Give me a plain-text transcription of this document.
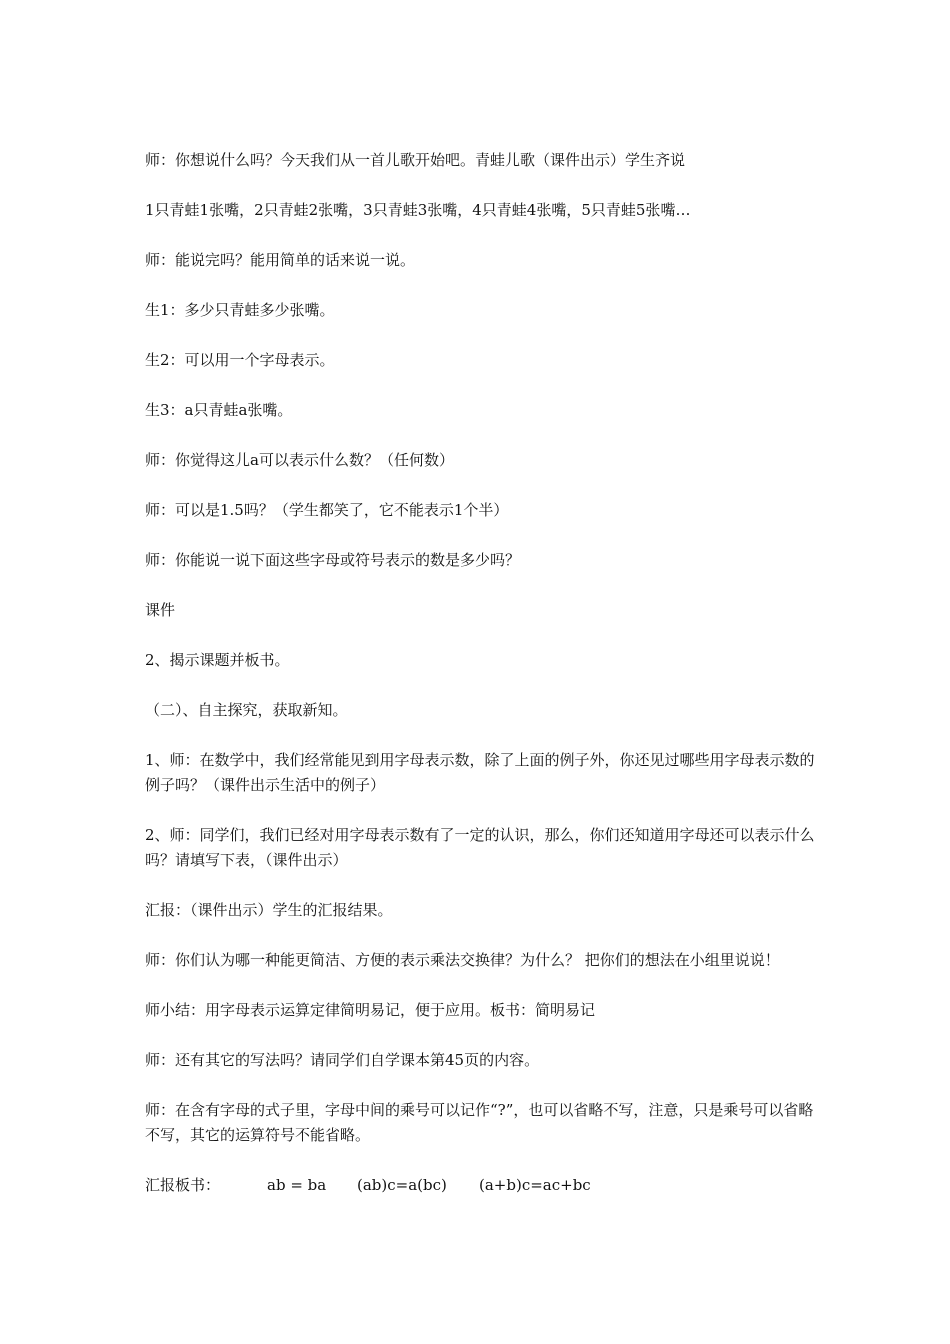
师：你想说什么吗？今天我们从一首儿歌开始吧。青蛙儿歌（课件出示）学生齐说

1只青蛙1张嘴，2只青蛙2张嘴，3只青蛙3张嘴，4只青蛙4张嘴，5只青蛙5张嘴…

师：能说完吗？能用简单的话来说一说。

生1：多少只青蛙多少张嘴。

生2：可以用一个字母表示。

生3：a只青蛙a张嘴。

师：你觉得这儿a可以表示什么数？（任何数）

师：可以是1.5吗？（学生都笑了，它不能表示1个半）

师：你能说一说下面这些字母或符号表示的数是多少吗？

课件

2、揭示课题并板书。

（二）、自主探究，获取新知。

1、师：在数学中，我们经常能见到用字母表示数，除了上面的例子外，你还见过哪些用字母表示数的例子吗？（课件出示生活中的例子）

2、师：同学们，我们已经对用字母表示数有了一定的认识，那么，你们还知道用字母还可以表示什么吗？请填写下表，（课件出示）

汇报：（课件出示）学生的汇报结果。

师：你们认为哪一种能更简洁、方便的表示乘法交换律？为什么？ 把你们的想法在小组里说说！

师小结：用字母表示运算定律简明易记，便于应用。板书：简明易记

师：还有其它的写法吗？请同学们自学课本第45页的内容。

师：在含有字母的式子里，字母中间的乘号可以记作“?”，也可以省略不写，注意，只是乘号可以省略不写，其它的运算符号不能省略。

汇报板书：	ab = ba	(ab)c=a(bc)	(a+b)c=ac+bc
